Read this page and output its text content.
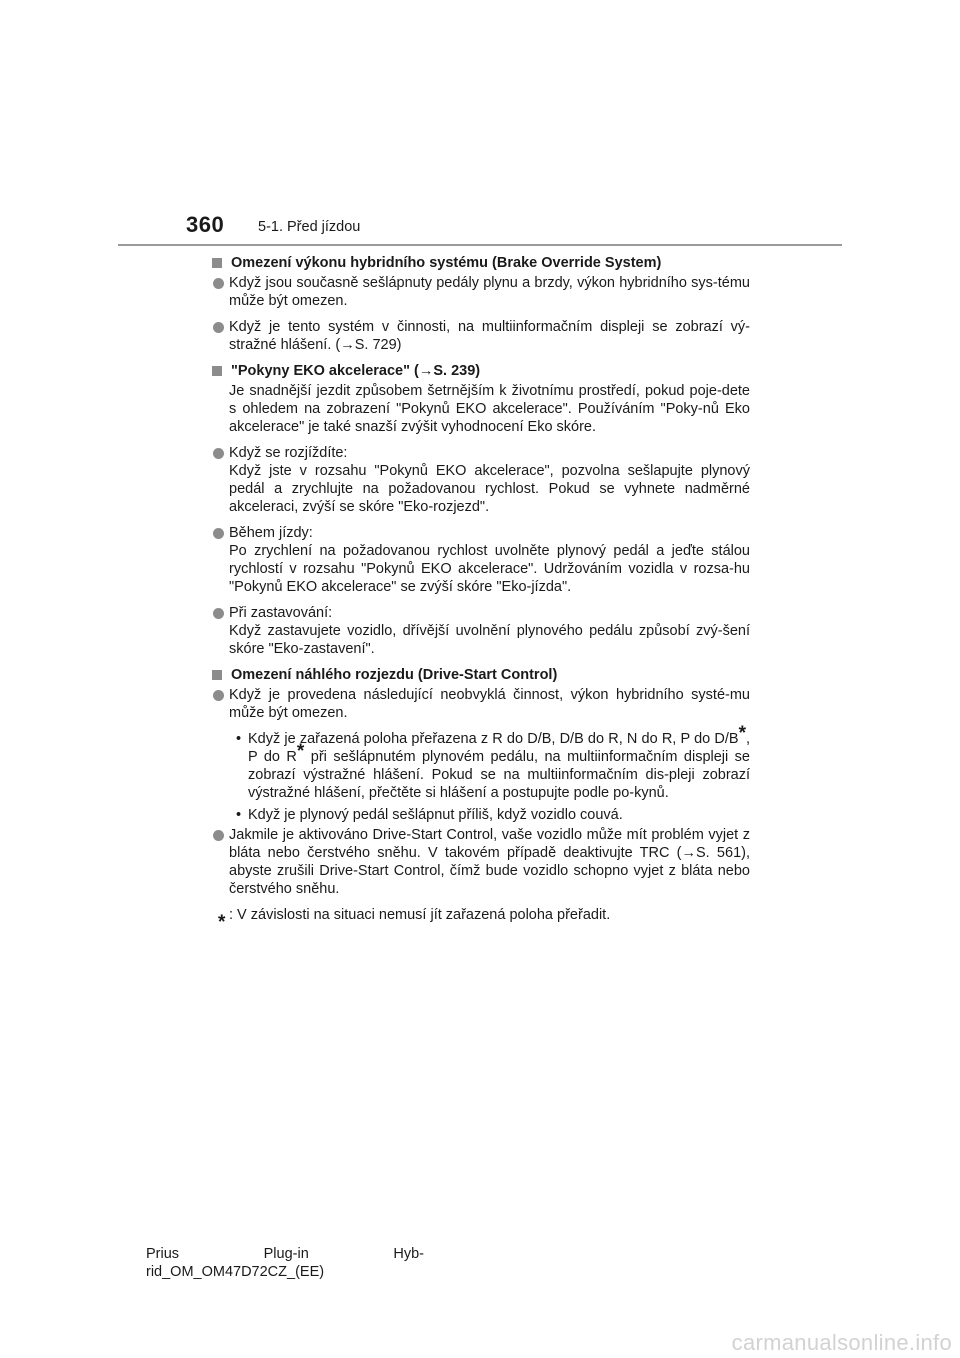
360 5-1. Před jízdou
Omezení výkonu hybridního systému (Brake Override System)
Když jsou současně sešlápnuty pedály plynu a brzdy, výkon hybridního sys-tému může být omezen.
Když je tento systém v činnosti, na multiinformačním displeji se zobrazí vý-stražné hlášení. (→S. 729)
"Pokyny EKO akcelerace" (→S. 239)
Je snadnější jezdit způsobem šetrnějším k životnímu prostředí, pokud poje-dete s ohledem na zobrazení "Pokynů EKO akcelerace". Používáním "Poky-nů Eko akcelerace" je také snazší zvýšit vyhodnocení Eko skóre.
Když se rozjíždíte:
Když jste v rozsahu "Pokynů EKO akcelerace", pozvolna sešlapujte plynový pedál a zrychlujte na požadovanou rychlost. Pokud se vyhnete nadměrné akceleraci, zvýší se skóre "Eko-rozjezd".
Během jízdy:
Po zrychlení na požadovanou rychlost uvolněte plynový pedál a jeďte stálou rychlostí v rozsahu "Pokynů EKO akcelerace". Udržováním vozidla v rozsa-hu "Pokynů EKO akcelerace" se zvýší skóre "Eko-jízda".
Při zastavování:
Když zastavujete vozidlo, dřívější uvolnění plynového pedálu způsobí zvý-šení skóre "Eko-zastavení".
Omezení náhlého rozjezdu (Drive-Start Control)
Když je provedena následující neobvyklá činnost, výkon hybridního systé-mu může být omezen.
• Když je zařazená poloha přeřazena z R do D/B, D/B do R, N do R, P do D/B*, P do R* při sešlápnutém plynovém pedálu, na multiinformačním displeji se zobrazí výstražné hlášení. Pokud se na multiinformačním dis-pleji zobrazí výstražné hlášení, přečtěte si hlášení a postupujte podle po-kynů.
• Když je plynový pedál sešlápnut příliš, když vozidlo couvá.
Jakmile je aktivováno Drive-Start Control, vaše vozidlo může mít problém vyjet z bláta nebo čerstvého sněhu. V takovém případě deaktivujte TRC (→S. 561), abyste zrušili Drive-Start Control, čímž bude vozidlo schopno vyjet z bláta nebo čerstvého sněhu.
* : V závislosti na situaci nemusí jít zařazená poloha přeřadit.
Prius	Plug-in	Hyb-
rid_OM_OM47D72CZ_(EE)
carmanualsonline.info
